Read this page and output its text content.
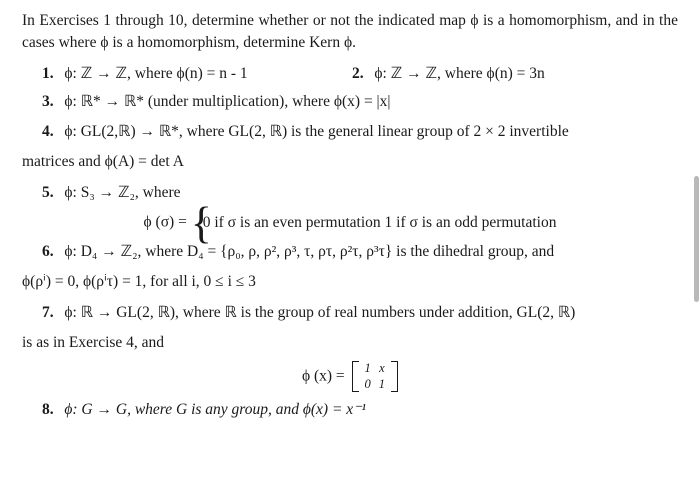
In Exercises 1 through 10, determine whether or not the indicated map ϕ is a homomorphism, and in the cases where ϕ is a homomorphism, determine Kern ϕ.

1. ϕ: ℤ → ℤ, where ϕ(n) = n - 1	2. ϕ: ℤ → ℤ, where ϕ(n) = 3n

3. ϕ: ℝ* → ℝ* (under multiplication), where ϕ(x) = |x|

4. ϕ: GL(2,ℝ) → ℝ*, where GL(2, ℝ) is the general linear group of 2 × 2 invertible

matrices and ϕ(A) = det A

5. ϕ: S₃ → ℤ₂, where

ϕ (σ) = {
0 if σ is an even permutation 1 if σ is an odd permutation

6. ϕ: D₄ → ℤ₂, where D₄ = {ρ₀, ρ, ρ², ρ³, τ, ρτ, ρ²τ, ρ³τ} is the dihedral group, and

ϕ(ρⁱ) = 0, ϕ(ρⁱτ) = 1, for all i, 0 ≤ i ≤ 3

7. ϕ: ℝ → GL(2, ℝ), where ℝ is the group of real numbers under addition, GL(2, ℝ)

is as in Exercise 4, and

ϕ (x) = 1	x
0	1

8. ϕ: G → G, where G is any group, and ϕ(x) = x⁻¹
